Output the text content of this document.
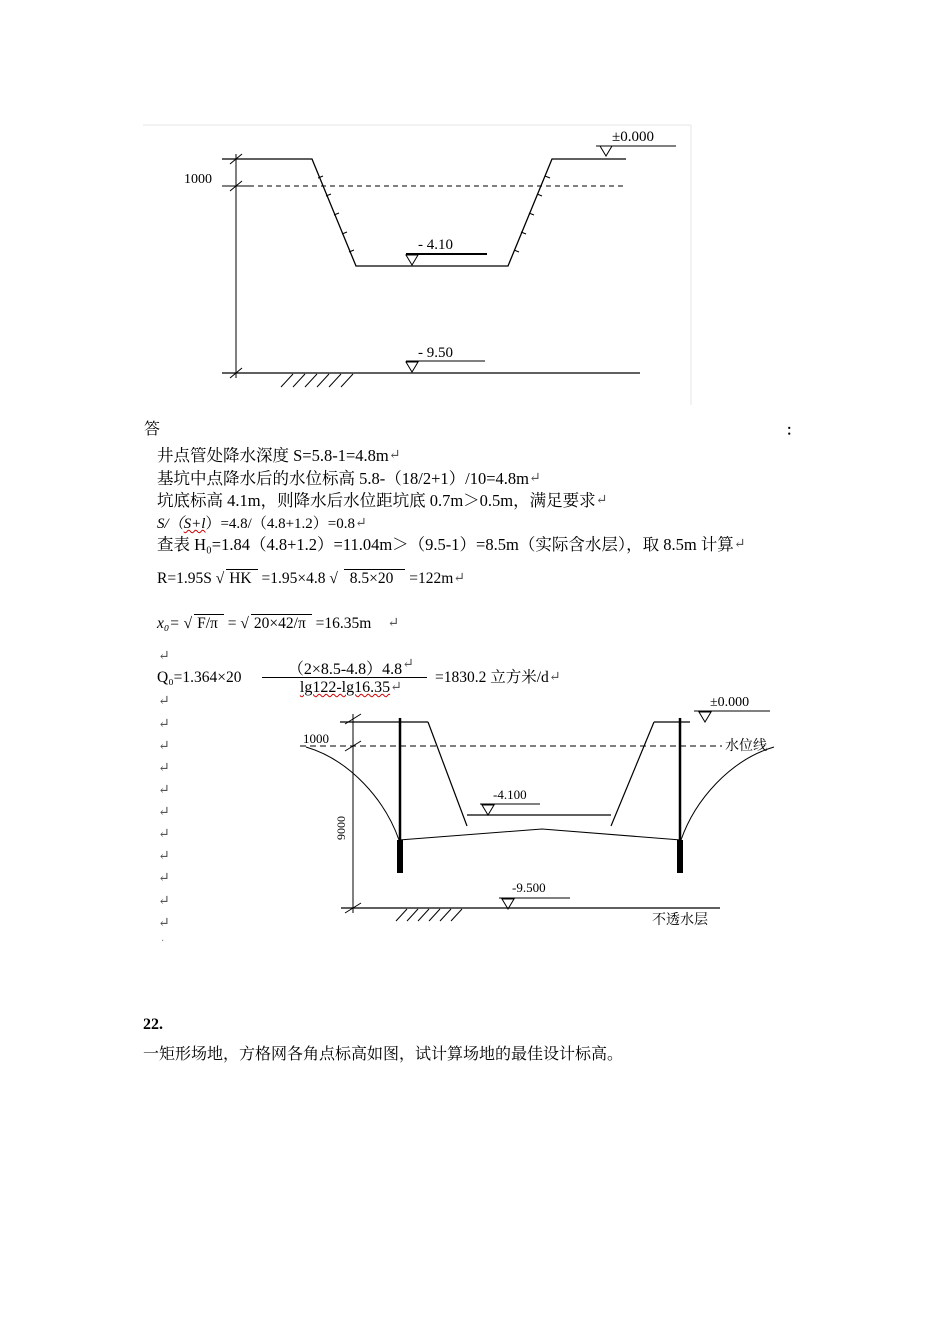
±0.000
1000
- 4.10
- 9.50
答	：
井点管处降水深度 S=5.8-1=4.8m ↵
基坑中点降水后的水位标高 5.8-（18/2+1）/10=4.8m ↵
坑底标高 4.1m，则降水后水位距坑底 0.7m＞0.5m，满足要求 ↵
S/（S+l）=4.8/（4.8+1.2）=0.8 ↵
查表 H₀=1.84（4.8+1.2）=11.04m＞（9.5-1）=8.5m（实际含水层），取 8.5m 计算 ↵
R=1.95S √ HK =1.95×4.8 √ 8.5×20 =122m ↵
x₀= √ F/π = √ 20×42/π =16.35m ↵
Q₀=1.364×20	（2×8.5-4.8）4.8 ↵
lg122-lg16.35 ↵
=1830.2 立方米/d ↵
↵
↵
↵
↵
↵
↵
↵
↵
↵
↵
↵
↵
·
±0.000
1000
水位线
-4.100
9000
-9.500
不透水层
22.
一矩形场地，方格网各角点标高如图，试计算场地的最佳设计标高。
